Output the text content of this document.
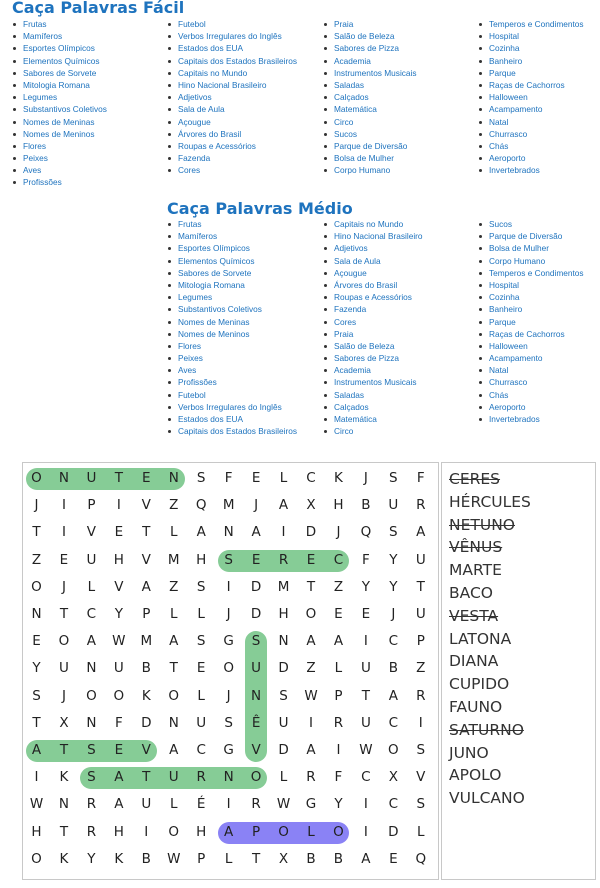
Caça Palavras Fácil
Frutas
Mamíferos
Esportes Olímpicos
Elementos Químicos
Sabores de Sorvete
Mitologia Romana
Legumes
Substantivos Coletivos
Nomes de Meninas
Nomes de Meninos
Flores
Peixes
Aves
Profissões
Futebol
Verbos Irregulares do Inglês
Estados dos EUA
Capitais dos Estados Brasileiros
Capitais no Mundo
Hino Nacional Brasileiro
Adjetivos
Sala de Aula
Açougue
Árvores do Brasil
Roupas e Acessórios
Fazenda
Cores
Praia
Salão de Beleza
Sabores de Pizza
Academia
Instrumentos Musicais
Saladas
Calçados
Matemática
Circo
Sucos
Parque de Diversão
Bolsa de Mulher
Corpo Humano
Temperos e Condimentos
Hospital
Cozinha
Banheiro
Parque
Raças de Cachorros
Halloween
Acampamento
Natal
Churrasco
Chás
Aeroporto
Invertebrados
Caça Palavras Médio
Frutas
Mamíferos
Esportes Olímpicos
Elementos Químicos
Sabores de Sorvete
Mitologia Romana
Legumes
Substantivos Coletivos
Nomes de Meninas
Nomes de Meninos
Flores
Peixes
Aves
Profissões
Futebol
Verbos Irregulares do Inglês
Estados dos EUA
Capitais dos Estados Brasileiros
Capitais no Mundo
Hino Nacional Brasileiro
Adjetivos
Sala de Aula
Açougue
Árvores do Brasil
Roupas e Acessórios
Fazenda
Cores
Praia
Salão de Beleza
Sabores de Pizza
Academia
Instrumentos Musicais
Saladas
Calçados
Matemática
Circo
Sucos
Parque de Diversão
Bolsa de Mulher
Corpo Humano
Temperos e Condimentos
Hospital
Cozinha
Banheiro
Parque
Raças de Cachorros
Halloween
Acampamento
Natal
Churrasco
Chás
Aeroporto
Invertebrados
O	N	U	T	E	N	S	F	E	L	C	K	J	S	F
J	I	P	I	V	Z	Q	M	J	A	X	H	B	U	R
T	I	V	E	T	L	A	N	A	I	D	J	Q	S	A
Z	E	U	H	V	M	H	S	E	R	E	C	F	Y	U
O	J	L	V	A	Z	S	I	D	M	T	Z	Y	Y	T
N	T	C	Y	P	L	L	J	D	H	O	E	E	J	U
E	O	A	W	M	A	S	G	S	N	A	A	I	C	P
Y	U	N	U	B	T	E	O	U	D	Z	L	U	B	Z
S	J	O	O	K	O	L	J	N	S	W	P	T	A	R
T	X	N	F	D	N	U	S	Ê	U	I	R	U	C	I
A	T	S	E	V	A	C	G	V	D	A	I	W	O	S
I	K	S	A	T	U	R	N	O	L	R	F	C	X	V
W	N	R	A	U	L	É	I	R	W	G	Y	I	C	S
H	T	R	H	I	O	H	A	P	O	L	O	I	D	L
O	K	Y	K	B	W	P	L	T	X	B	B	A	E	Q
CERES
HÉRCULES
NETUNO
VÊNUS
MARTE
BACO
VESTA
LATONA
DIANA
CUPIDO
FAUNO
SATURNO
JUNO
APOLO
VULCANO
